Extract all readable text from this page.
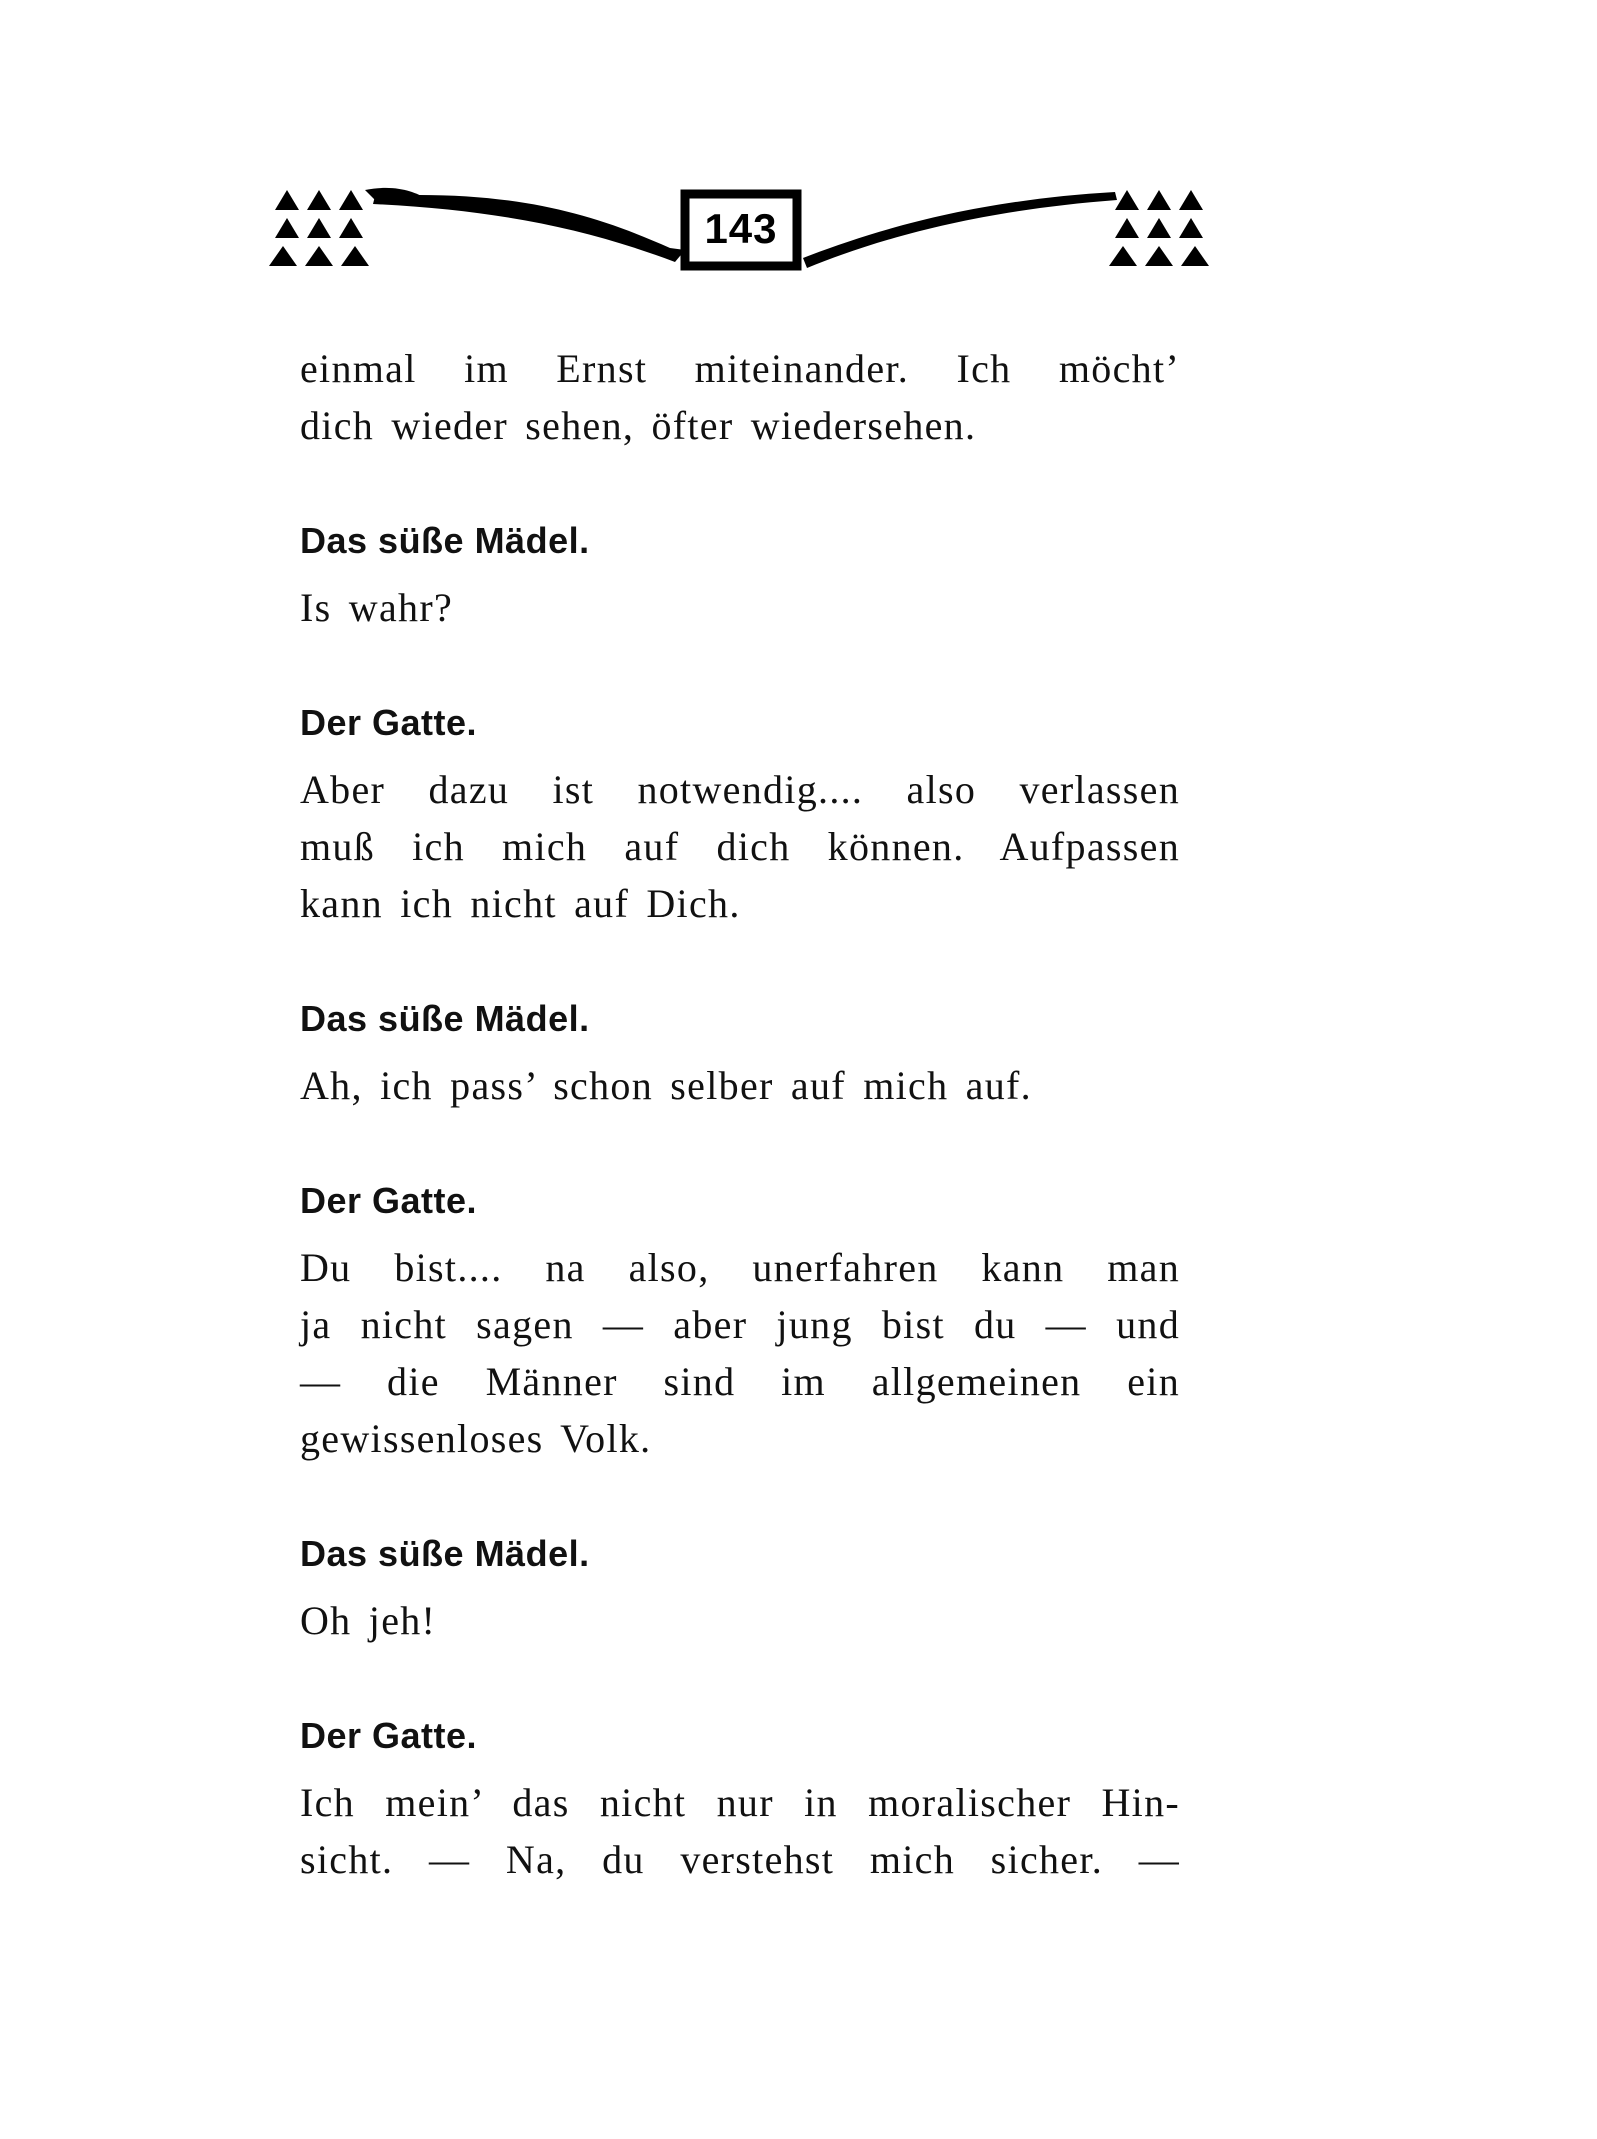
143
einmal im Ernst miteinander. Ich möcht’
dich wieder sehen, öfter wiedersehen.
Das süße Mädel.
Is wahr?
Der Gatte.
Aber dazu ist notwendig.... also verlassen
muß ich mich auf dich können. Aufpassen
kann ich nicht auf Dich.
Das süße Mädel.
Ah, ich pass’ schon selber auf mich auf.
Der Gatte.
Du bist.... na also, unerfahren kann man
ja nicht sagen — aber jung bist du — und
— die Männer sind im allgemeinen ein
gewissenloses Volk.
Das süße Mädel.
Oh jeh!
Der Gatte.
Ich mein’ das nicht nur in moralischer Hin-
sicht. — Na, du verstehst mich sicher. —
